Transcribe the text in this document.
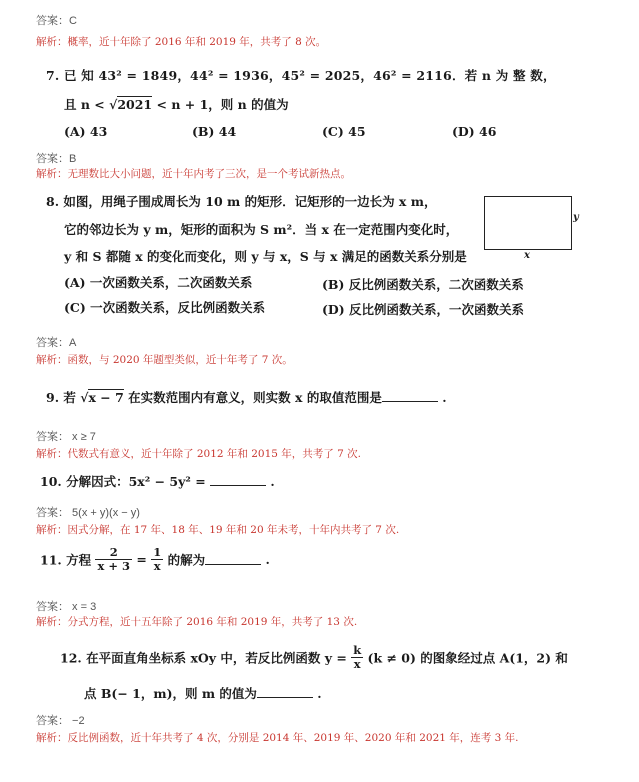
答案：C
解析：概率，近十年除了 2016 年和 2019 年，共考了 8 次。
7. 已 知 43² = 1849，44² = 1936，45² = 2025，46² = 2116．若 n 为 整 数，
且 n < √2021 < n + 1，则 n 的值为
(A) 43	(B) 44	(C) 45	(D) 46
答案：B
解析：无理数比大小问题，近十年内考了三次，是一个考试新热点。
8. 如图，用绳子围成周长为 10 m 的矩形．记矩形的一边长为 x m，
它的邻边长为 y m，矩形的面积为 S m²．当 x 在一定范围内变化时，
y 和 S 都随 x 的变化而变化，则 y 与 x，S 与 x 满足的函数关系分别是
y
x
(A) 一次函数关系，二次函数关系	(B) 反比例函数关系，二次函数关系
(C) 一次函数关系，反比例函数关系	(D) 反比例函数关系，一次函数关系
答案：A
解析：函数，与 2020 年题型类似，近十年考了 7 次。
9. 若 √x − 7 在实数范围内有意义，则实数 x 的取值范围是	.
答案： x ≥ 7
解析：代数式有意义，近十年除了 2012 年和 2015 年，共考了 7 次.
10. 分解因式：5x² − 5y² =	.
答案： 5(x + y)(x − y)
解析：因式分解，在 17 年、18 年、19 年和 20 年未考，十年内共考了 7 次.
11. 方程 $\frac{2}{x + 3} = \frac{1}{x}$ 的解为	.
答案： x = 3
解析：分式方程，近十五年除了 2016 年和 2019 年，共考了 13 次.
12. 在平面直角坐标系 xOy 中，若反比例函数 $y = \frac{k}{x} (k \ne 0)$ 的图象经过点 A(1，2) 和
点 B(− 1，m)，则 m 的值为	.
答案： −2
解析：反比例函数，近十年共考了 4 次，分别是 2014 年、2019 年、2020 年和 2021 年，连考 3 年.
